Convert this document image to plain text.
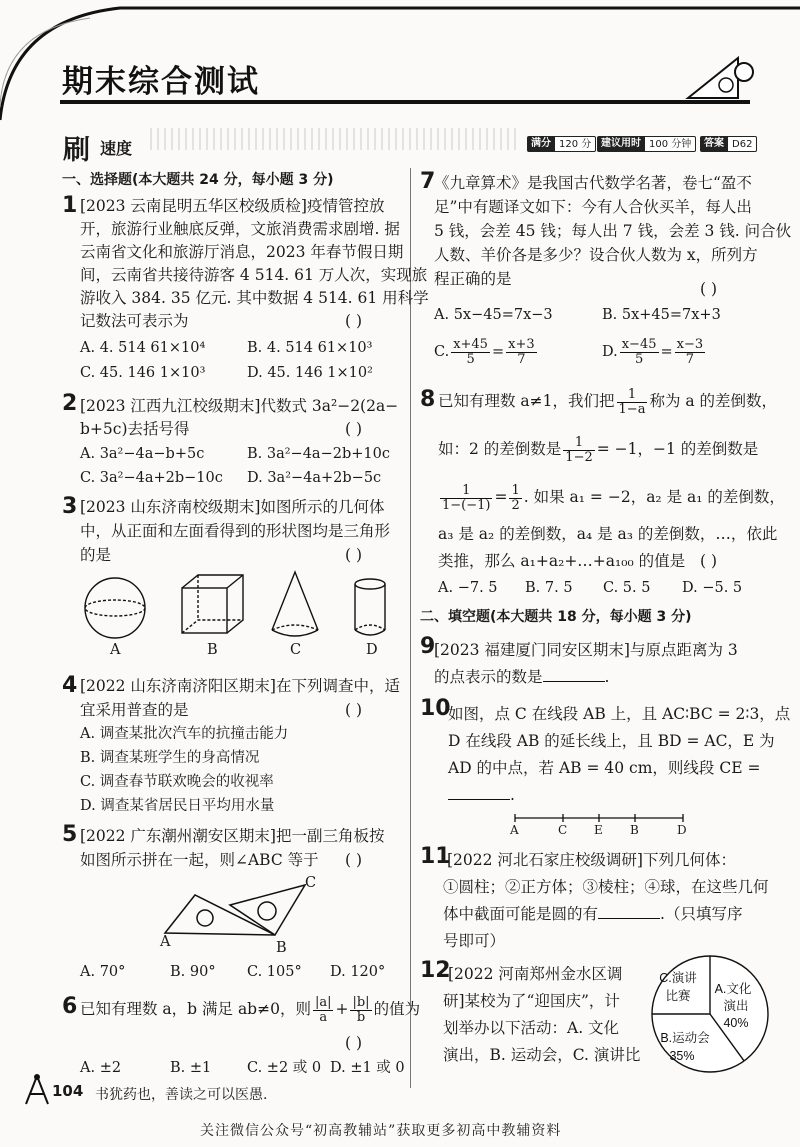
期末综合测试
刷 速度	满分 120 分 建议用时 100 分钟	答案 D62
一、选择题(本大题共 24 分，每小题 3 分)
1 [2023 云南昆明五华区校级质检]疫情管控放
开，旅游行业触底反弹，文旅消费需求剧增. 据
云南省文化和旅游厅消息，2023 年春节假日期
间，云南省共接待游客 4 514. 61 万人次，实现旅
游收入 384. 35 亿元. 其中数据 4 514. 61 用科学
记数法可表示为	( )
A. 4. 514 61×10⁴	B. 4. 514 61×10³
C. 45. 146 1×10³	D. 45. 146 1×10²
2 [2023 江西九江校级期末]代数式 3a²−2(2a−
b+5c)去括号得	( )
A. 3a²−4a−b+5c	B. 3a²−4a−2b+10c
C. 3a²−4a+2b−10c D. 3a²−4a+2b−5c
3 [2023 山东济南校级期末]如图所示的几何体
中，从正面和左面看得到的形状图均是三角形
的是	( )
A	B	C	D
4 [2022 山东济南济阳区期末]在下列调查中，适
宜采用普查的是	( )
A. 调查某批次汽车的抗撞击能力
B. 调查某班学生的身高情况
C. 调查春节联欢晚会的收视率
D. 调查某省居民日平均用水量
5 [2022 广东潮州潮安区期末]把一副三角板按
如图所示拼在一起，则∠ABC 等于 ( )
A	B
C
A. 70°	B. 90° C. 105° D. 120°
6 已知有理数 a，b 满足 ab≠0，则 $\frac{|a|}{a} + \frac{|b|}{b}$ 的值为
( )
A. ±2	B. ±1 C. ±2 或 0 D. ±1 或 0
7
《九章算术》是我国古代数学名著，卷七“盈不
足”中有题译文如下：今有人合伙买羊，每人出
5 钱，会差 45 钱；每人出 7 钱，会差 3 钱. 问合伙
人数、羊价各是多少？设合伙人数为 x，所列方
程正确的是
( )
A. 5x−45=7x−3	B. 5x+45=7x+3
C. $\frac{x+45}{5} = \frac{x+3}{7}$	D. $\frac{x-45}{5} = \frac{x-3}{7}$
8 已知有理数 a≠1，我们把 $\frac{1}{1-a}$ 称为 a 的差倒数，
如：2 的差倒数是 $\frac{1}{1-2} = -1$，−1 的差倒数是
$\frac{1}{1-(-1)} = \frac{1}{2}$ . 如果 a₁ = −2，a₂ 是 a₁ 的差倒数，
a₃ 是 a₂ 的差倒数，a₄ 是 a₃ 的差倒数，…，依此
类推，那么 a₁+a₂+…+a₁₀₀ 的值是 ( )
A. −7. 5 B. 7. 5 C. 5. 5 D. −5. 5
二、填空题(本大题共 18 分，每小题 3 分)
9
[2023 福建厦门同安区期末]与原点距离为 3
的点表示的数是	.
10
如图，点 C 在线段 AB 上，且 AC∶BC = 2∶3，点
D 在线段 AB 的延长线上，且 BD = AC，E 为
AD 的中点，若 AB = 40 cm，则线段 CE =
.
A	C E B	D
11
[2022 河北石家庄校级调研]下列几何体：
①圆柱；②正方体；③棱柱；④球，在这些几何
体中截面可能是圆的有	.（只填写序
号即可）
12
[2022 河南郑州金水区调
研]某校为了“迎国庆”，计
划举办以下活动：A. 文化
演出，B. 运动会，C. 演讲比
A.文化
演出
40%
B.运动会
35%
C.演讲
比赛
104 书犹药也，善读之可以医愚.
关注微信公众号“初高教辅站”获取更多初高中教辅资料
